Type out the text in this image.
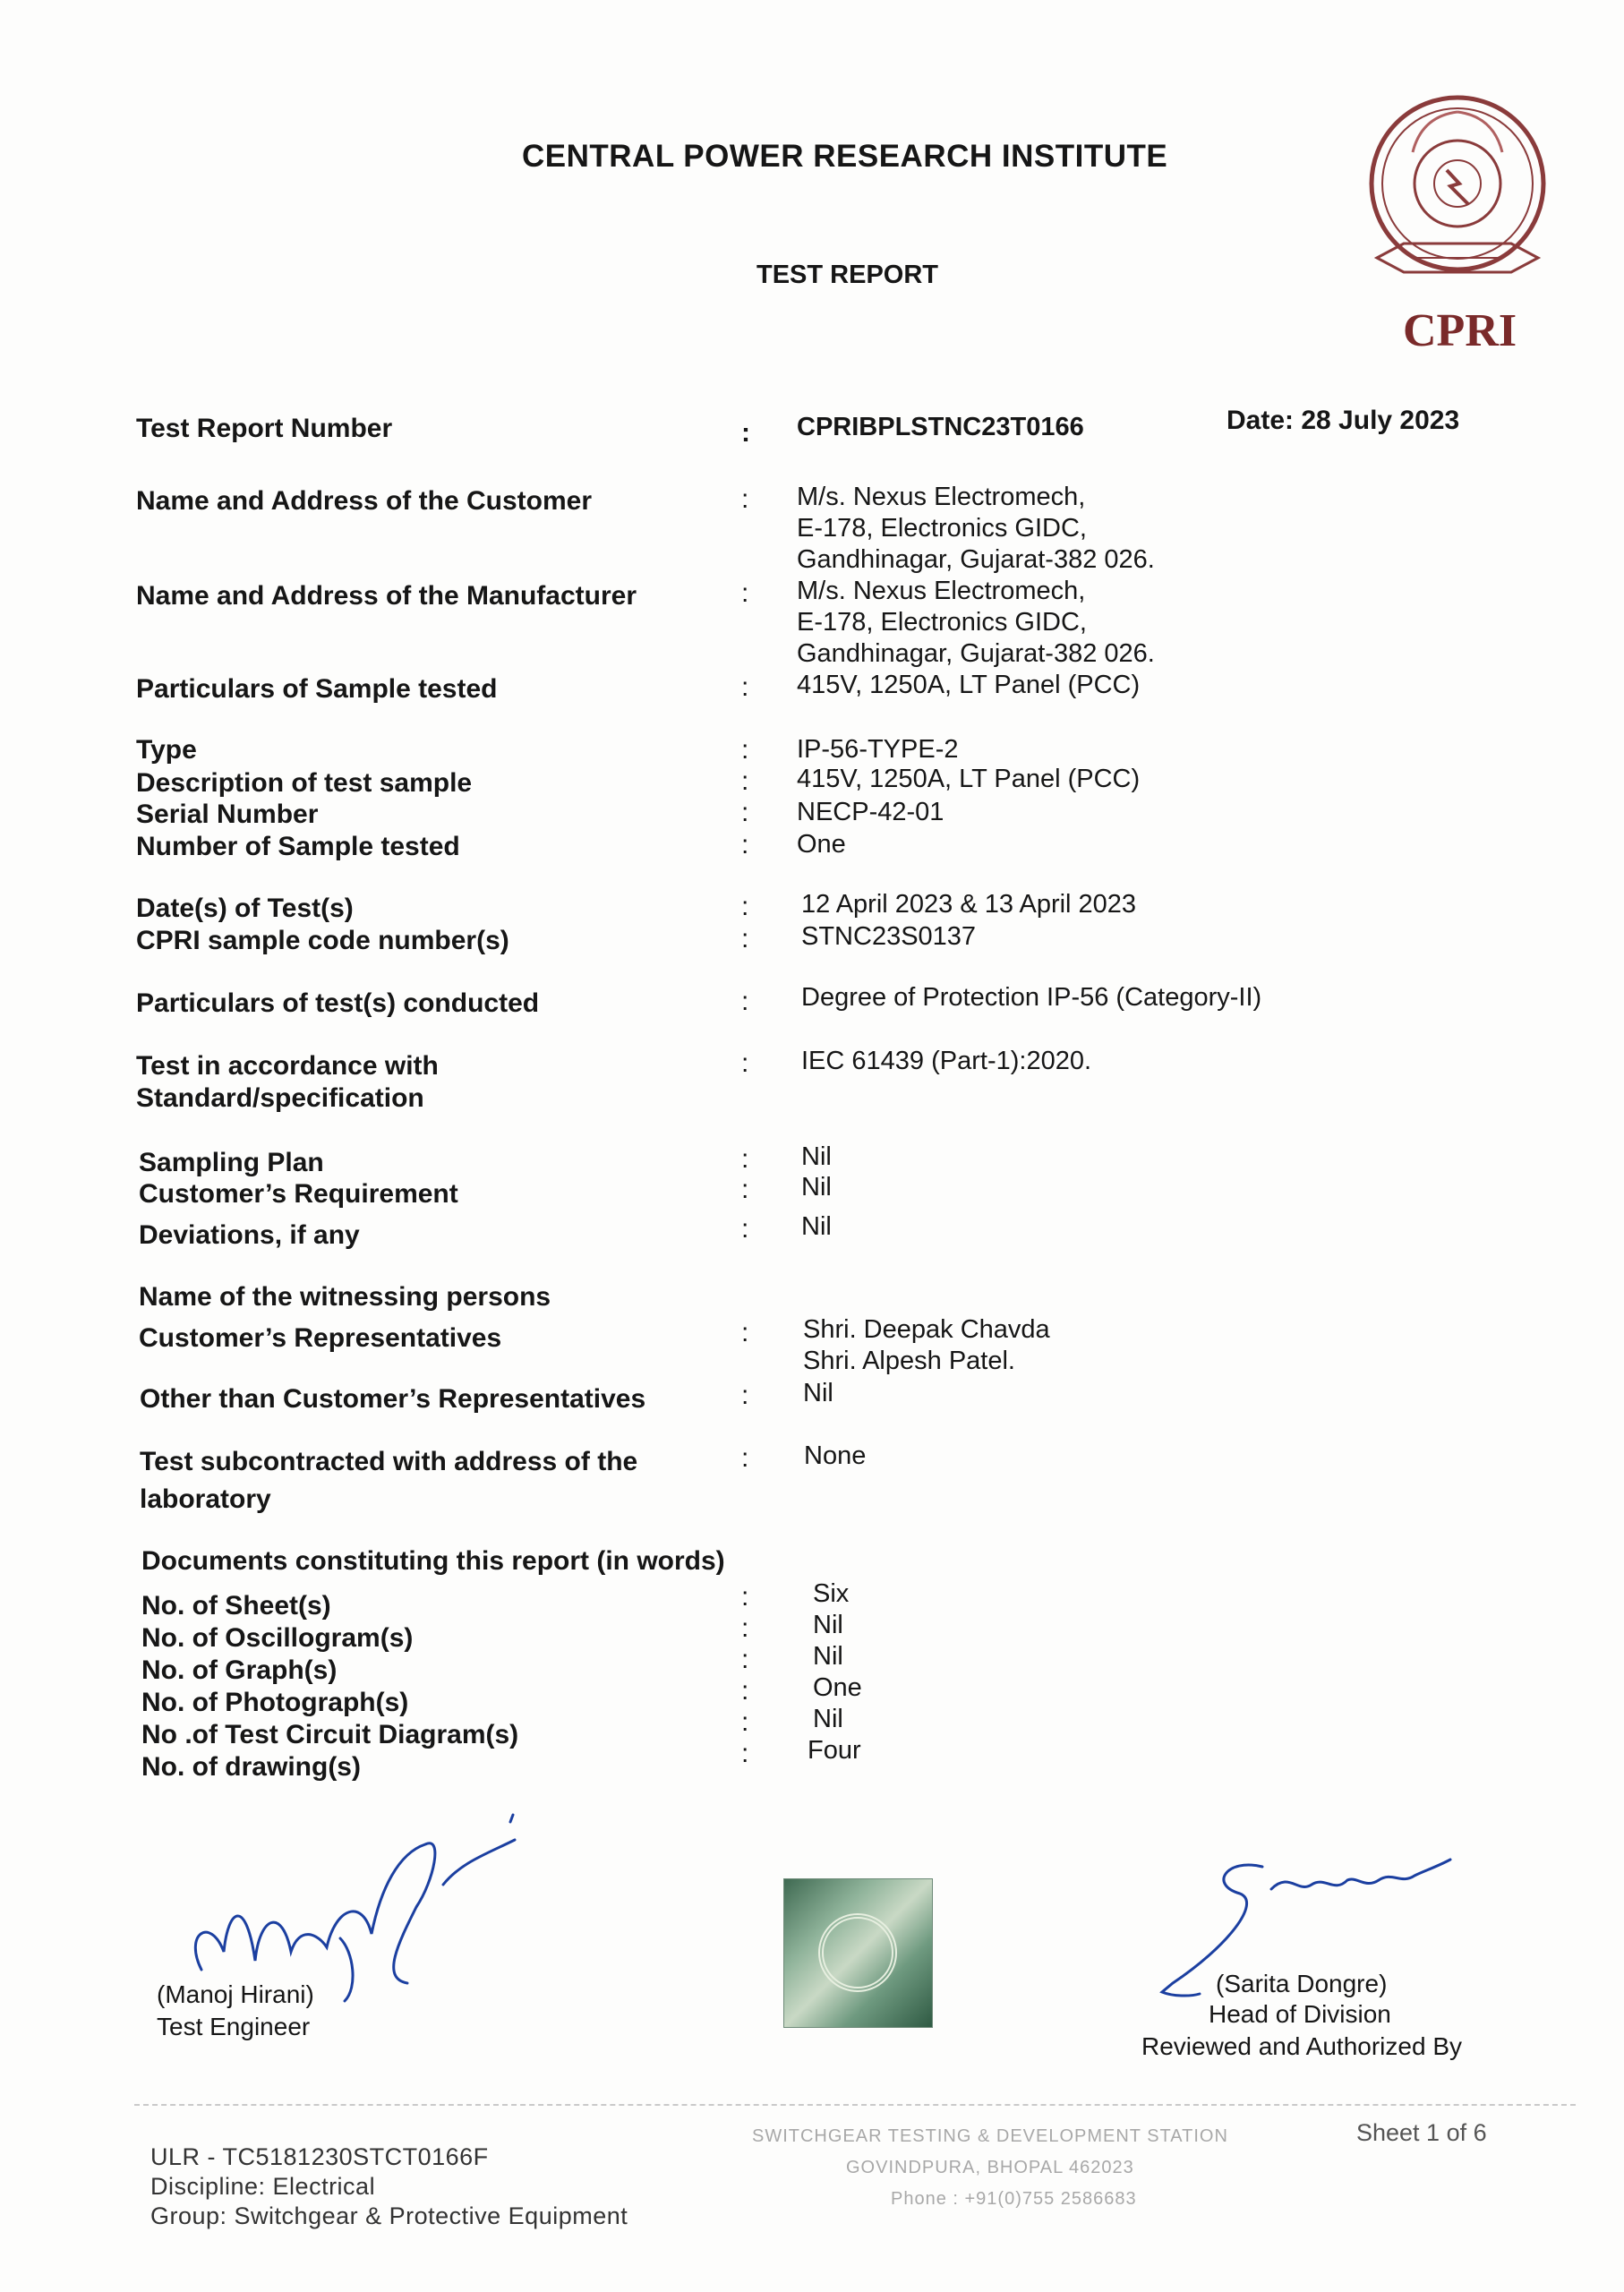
CENTRAL POWER RESEARCH INSTITUTE
TEST REPORT
CPRI
Test Report Number	: CPRIBPLSTNC23T0166	Date: 28 July 2023
Name and Address of the Customer	: M/s. Nexus Electromech,
E-178, Electronics GIDC,
Gandhinagar, Gujarat-382 026.
Name and Address of the Manufacturer	: M/s. Nexus Electromech,
E-178, Electronics GIDC,
Gandhinagar, Gujarat-382 026.
Particulars of Sample tested	: 415V, 1250A, LT Panel (PCC)
Type	: IP-56-TYPE-2
Description of test sample	: 415V, 1250A, LT Panel (PCC)
Serial Number	: NECP-42-01
Number of Sample tested	: One
Date(s) of Test(s)	: 12 April 2023 & 13 April 2023
CPRI sample code number(s)	: STNC23S0137
Particulars of test(s) conducted	: Degree of Protection IP-56 (Category-II)
Test in accordance with
Standard/specification
: IEC 61439 (Part-1):2020.
Sampling Plan	: Nil
Customer’s Requirement	: Nil
Deviations, if any	: Nil
Name of the witnessing persons
Customer’s Representatives	: Shri. Deepak Chavda
Shri. Alpesh Patel.
Other than Customer’s Representatives	: Nil
Test subcontracted with address of the
laboratory
: None
Documents constituting this report (in words)
No. of Sheet(s)	: Six
No. of Oscillogram(s)	: Nil
No. of Graph(s)	: Nil
No. of Photograph(s)	: One
No .of Test Circuit Diagram(s)	: Nil
No. of drawing(s)	: Four
(Manoj Hirani)
Test Engineer
(Sarita Dongre)
Head of Division
Reviewed and Authorized By
ULR - TC5181230STCT0166F
Discipline: Electrical
Group: Switchgear & Protective Equipment
SWITCHGEAR TESTING & DEVELOPMENT STATION
GOVINDPURA, BHOPAL 462023
Phone : +91(0)755 2586683
Sheet 1 of 6
